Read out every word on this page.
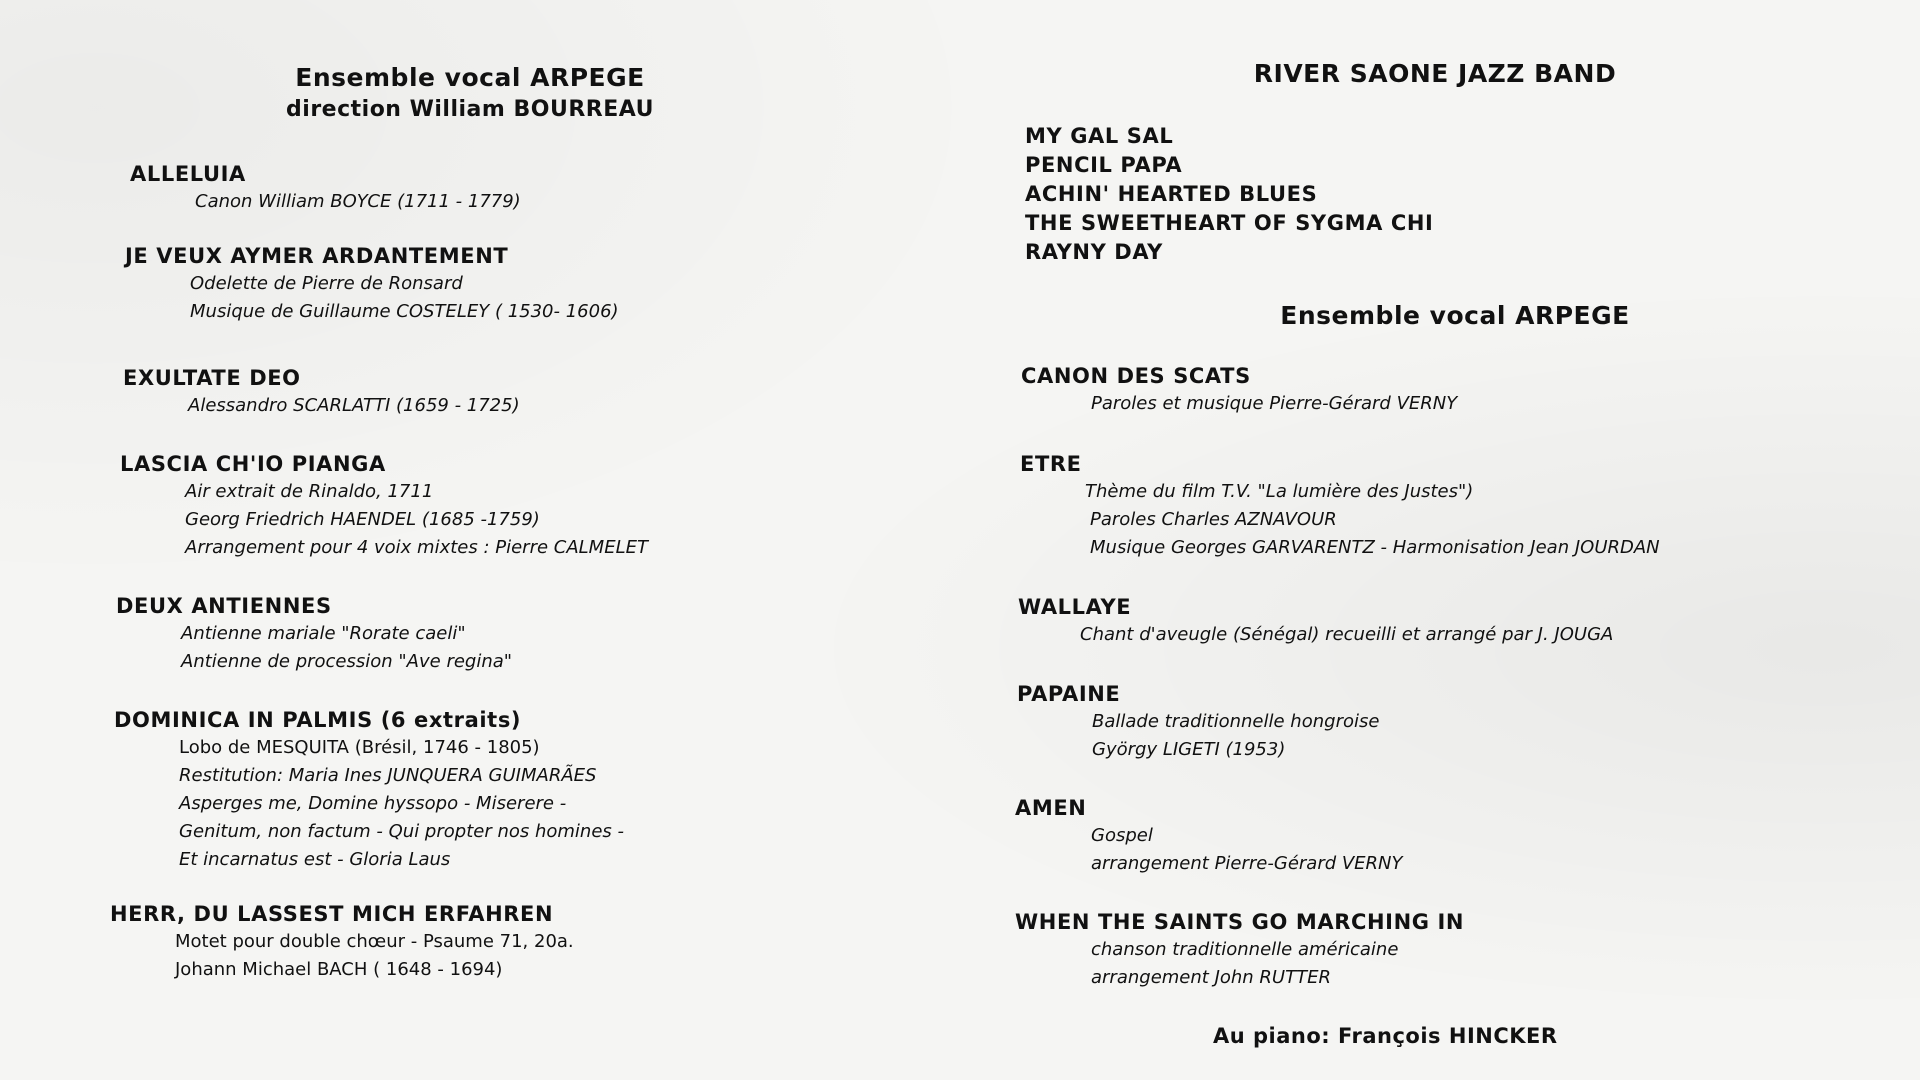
Ensemble vocal ARPEGE
direction William BOURREAU
ALLELUIA
Canon William BOYCE (1711 - 1779)
JE VEUX AYMER ARDANTEMENT
Odelette de Pierre de Ronsard
Musique de Guillaume COSTELEY ( 1530- 1606)
EXULTATE DEO
Alessandro SCARLATTI (1659 - 1725)
LASCIA CH'IO PIANGA
Air extrait de Rinaldo, 1711
Georg Friedrich HAENDEL (1685 -1759)
Arrangement pour 4 voix mixtes : Pierre CALMELET
DEUX ANTIENNES
Antienne mariale "Rorate caeli"
Antienne de procession "Ave regina"
DOMINICA IN PALMIS (6 extraits)
Lobo de MESQUITA (Brésil, 1746 - 1805)
Restitution: Maria Ines JUNQUERA GUIMARÃES
Asperges me, Domine hyssopo - Miserere -
Genitum, non factum - Qui propter nos homines -
Et incarnatus est - Gloria Laus
HERR, DU LASSEST MICH ERFAHREN
Motet pour double chœur - Psaume 71, 20a.
Johann Michael BACH ( 1648 - 1694)
RIVER SAONE JAZZ BAND
MY GAL SAL
PENCIL PAPA
ACHIN' HEARTED BLUES
THE SWEETHEART OF SYGMA CHI
RAYNY DAY
Ensemble vocal ARPEGE
CANON DES SCATS
Paroles et musique Pierre-Gérard VERNY
ETRE
Thème du film T.V. "La lumière des Justes")
Paroles Charles AZNAVOUR
Musique Georges GARVARENTZ - Harmonisation Jean JOURDAN
WALLAYE
Chant d'aveugle (Sénégal) recueilli et arrangé par J. JOUGA
PAPAINE
Ballade traditionnelle hongroise
György LIGETI (1953)
AMEN
Gospel
arrangement Pierre-Gérard VERNY
WHEN THE SAINTS GO MARCHING IN
chanson traditionnelle américaine
arrangement John RUTTER
Au piano: François HINCKER
